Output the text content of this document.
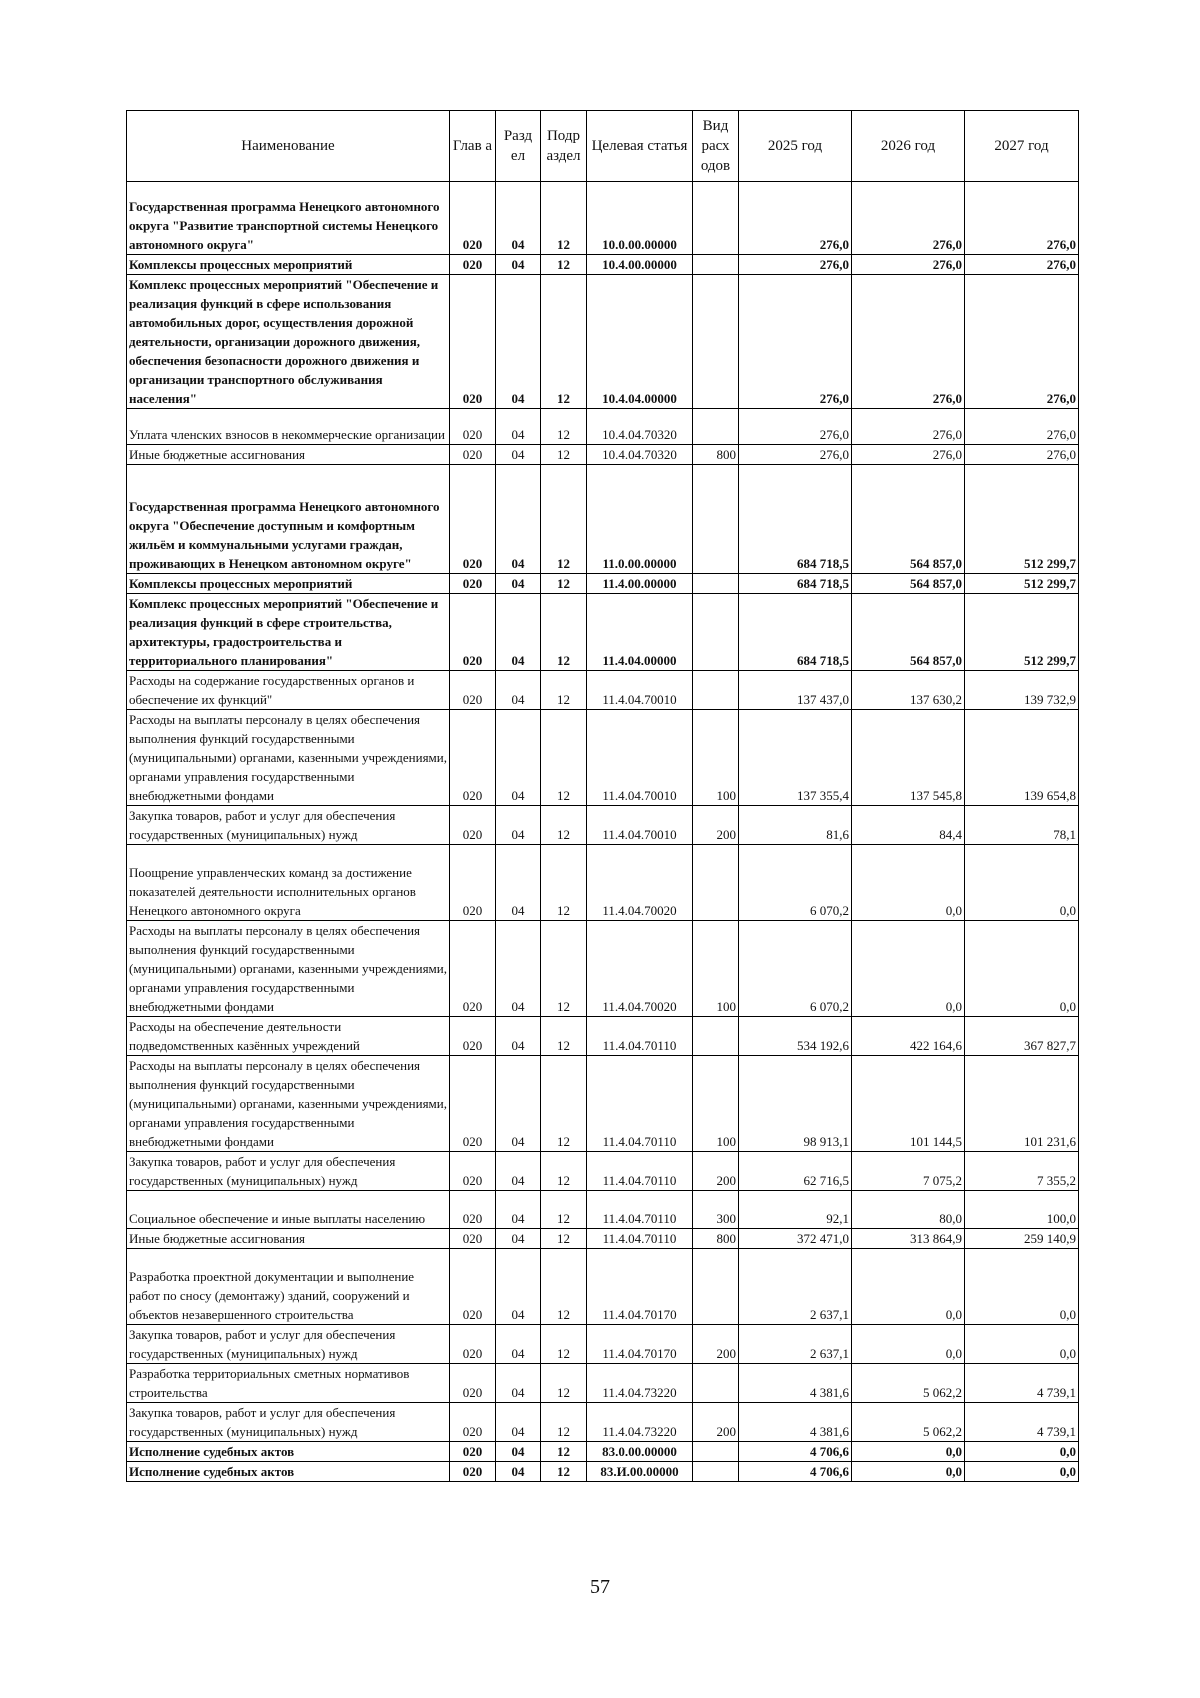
Наименование	Глав а	Разд ел	Подр аздел	Целевая статья	Вид расх одов	2025 год	2026 год	2027 год
Государственная программа Ненецкого автономного округа "Развитие транспортной системы Ненецкого автономного округа"	020	04	12	10.0.00.00000		276,0	276,0	276,0
Комплексы процессных мероприятий	020	04	12	10.4.00.00000		276,0	276,0	276,0
Комплекс процессных мероприятий "Обеспечение и реализация функций в сфере использования автомобильных дорог, осуществления дорожной деятельности, организации дорожного движения, обеспечения безопасности дорожного движения и организации транспортного обслуживания населения"	020	04	12	10.4.04.00000		276,0	276,0	276,0
Уплата членских взносов в некоммерческие организации	020	04	12	10.4.04.70320		276,0	276,0	276,0
Иные бюджетные ассигнования	020	04	12	10.4.04.70320	800	276,0	276,0	276,0
Государственная программа Ненецкого автономного округа "Обеспечение доступным и комфортным жильём и коммунальными услугами граждан, проживающих в Ненецком автономном округе"	020	04	12	11.0.00.00000		684 718,5	564 857,0	512 299,7
Комплексы процессных мероприятий	020	04	12	11.4.00.00000		684 718,5	564 857,0	512 299,7
Комплекс процессных мероприятий "Обеспечение и реализация функций в сфере строительства, архитектуры, градостроительства и территориального планирования"	020	04	12	11.4.04.00000		684 718,5	564 857,0	512 299,7
Расходы на содержание государственных органов и обеспечение их функций"	020	04	12	11.4.04.70010		137 437,0	137 630,2	139 732,9
Расходы на выплаты персоналу в целях обеспечения выполнения функций государственными (муниципальными) органами, казенными учреждениями, органами управления государственными внебюджетными фондами	020	04	12	11.4.04.70010	100	137 355,4	137 545,8	139 654,8
Закупка товаров, работ и услуг для обеспечения государственных (муниципальных) нужд	020	04	12	11.4.04.70010	200	81,6	84,4	78,1
Поощрение управленческих команд за достижение показателей деятельности исполнительных органов Ненецкого автономного округа	020	04	12	11.4.04.70020		6 070,2	0,0	0,0
Расходы на выплаты персоналу в целях обеспечения выполнения функций государственными (муниципальными) органами, казенными учреждениями, органами управления государственными внебюджетными фондами	020	04	12	11.4.04.70020	100	6 070,2	0,0	0,0
Расходы на обеспечение деятельности подведомственных казённых учреждений	020	04	12	11.4.04.70110		534 192,6	422 164,6	367 827,7
Расходы на выплаты персоналу в целях обеспечения выполнения функций государственными (муниципальными) органами, казенными учреждениями, органами управления государственными внебюджетными фондами	020	04	12	11.4.04.70110	100	98 913,1	101 144,5	101 231,6
Закупка товаров, работ и услуг для обеспечения государственных (муниципальных) нужд	020	04	12	11.4.04.70110	200	62 716,5	7 075,2	7 355,2
Социальное обеспечение и иные выплаты населению	020	04	12	11.4.04.70110	300	92,1	80,0	100,0
Иные бюджетные ассигнования	020	04	12	11.4.04.70110	800	372 471,0	313 864,9	259 140,9
Разработка проектной документации и выполнение работ по сносу (демонтажу) зданий, сооружений и объектов незавершенного строительства	020	04	12	11.4.04.70170		2 637,1	0,0	0,0
Закупка товаров, работ и услуг для обеспечения государственных (муниципальных) нужд	020	04	12	11.4.04.70170	200	2 637,1	0,0	0,0
Разработка территориальных сметных нормативов строительства	020	04	12	11.4.04.73220		4 381,6	5 062,2	4 739,1
Закупка товаров, работ и услуг для обеспечения государственных (муниципальных) нужд	020	04	12	11.4.04.73220	200	4 381,6	5 062,2	4 739,1
Исполнение судебных актов	020	04	12	83.0.00.00000		4 706,6	0,0	0,0
Исполнение судебных актов	020	04	12	83.И.00.00000		4 706,6	0,0	0,0
57
